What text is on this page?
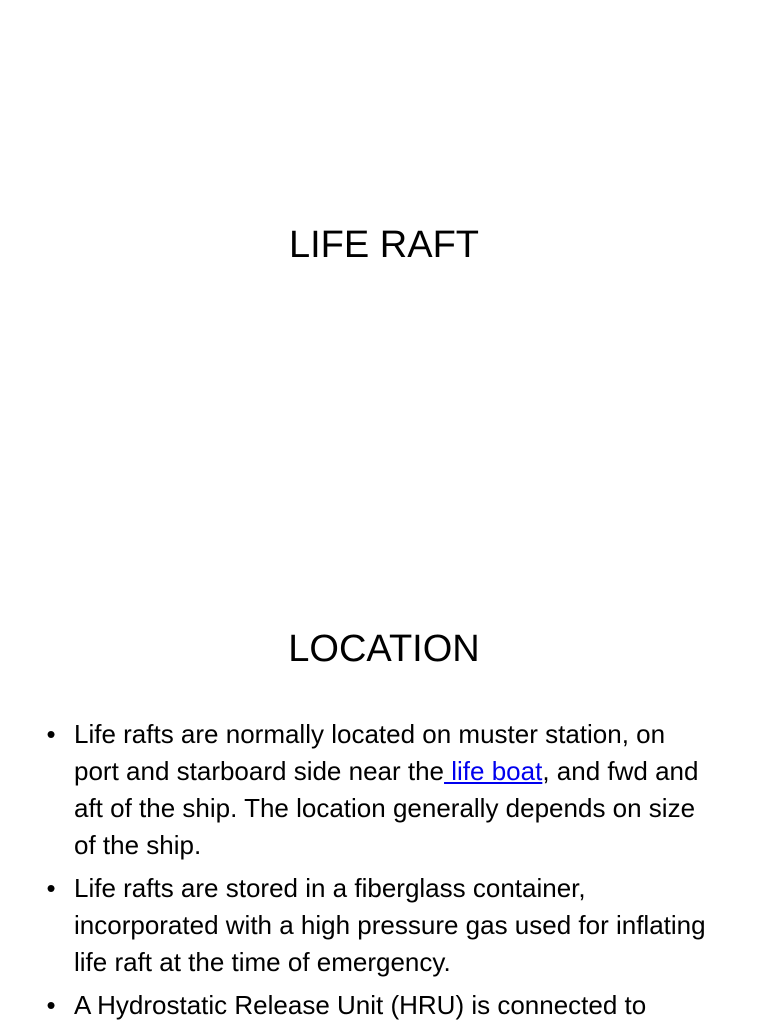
LIFE RAFT
LOCATION
• Life rafts are normally located on muster station, on port and starboard side near the life boat, and fwd and aft of the ship. The location generally depends on size of the ship.
• Life rafts are stored in a fiberglass container, incorporated with a high pressure gas used for inflating life raft at the time of emergency.
• A Hydrostatic Release Unit (HRU) is connected to
